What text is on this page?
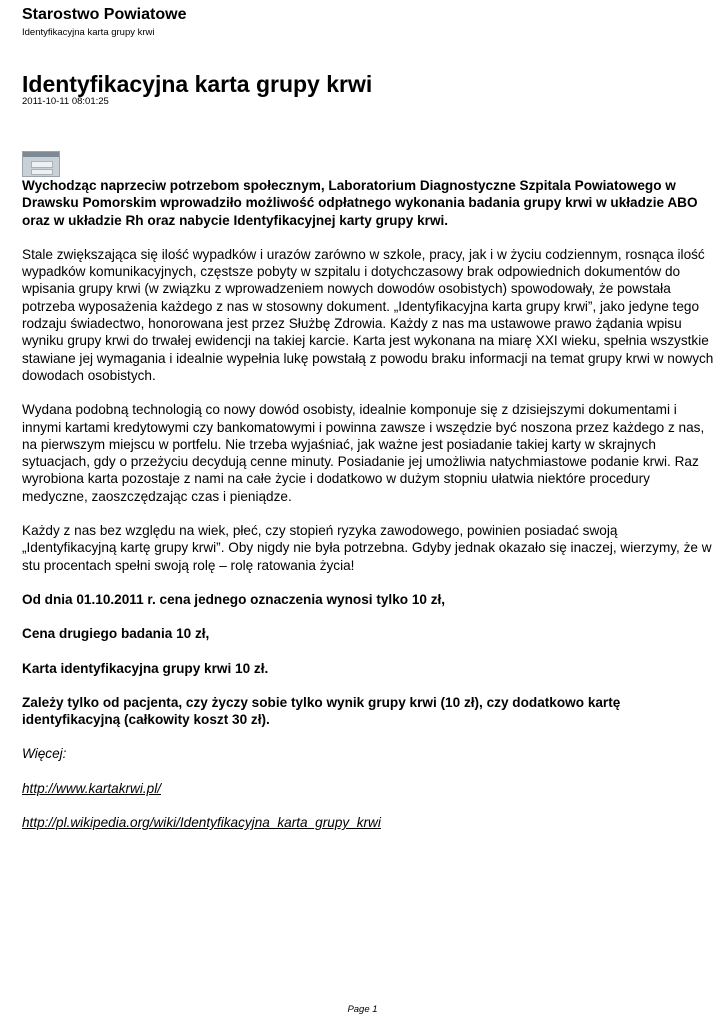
Starostwo Powiatowe
Identyfikacyjna karta grupy krwi
Identyfikacyjna karta grupy krwi
2011-10-11 08:01:25

Wychodząc naprzeciw potrzebom społecznym, Laboratorium Diagnostyczne Szpitala Powiatowego w Drawsku Pomorskim wprowadziło możliwość odpłatnego wykonania badania grupy krwi w układzie ABO oraz w układzie Rh oraz nabycie Identyfikacyjnej karty grupy krwi.

Stale zwiększająca się ilość wypadków i urazów zarówno w szkole, pracy, jak i w życiu codziennym, rosnąca ilość wypadków komunikacyjnych, częstsze pobyty w szpitalu i dotychczasowy brak odpowiednich dokumentów do wpisania grupy krwi (w związku z wprowadzeniem nowych dowodów osobistych) spowodowały, że powstała potrzeba wyposażenia każdego z nas w stosowny dokument. „Identyfikacyjna karta grupy krwi”, jako jedyne tego rodzaju świadectwo, honorowana jest przez Służbę Zdrowia. Każdy z nas ma ustawowe prawo żądania wpisu wyniku grupy krwi do trwałej ewidencji na takiej karcie. Karta jest wykonana na miarę XXI wieku, spełnia wszystkie stawiane jej wymagania i idealnie wypełnia lukę powstałą z powodu braku informacji na temat grupy krwi w nowych dowodach osobistych.

Wydana podobną technologią co nowy dowód osobisty, idealnie komponuje się z dzisiejszymi dokumentami i innymi kartami kredytowymi czy bankomatowymi i powinna zawsze i wszędzie być noszona przez każdego z nas, na pierwszym miejscu w portfelu. Nie trzeba wyjaśniać, jak ważne jest posiadanie takiej karty w skrajnych sytuacjach, gdy o przeżyciu decydują cenne minuty. Posiadanie jej umożliwia natychmiastowe podanie krwi. Raz wyrobiona karta pozostaje z nami na całe życie i dodatkowo w dużym stopniu ułatwia niektóre procedury medyczne, zaoszczędzając czas i pieniądze.

Każdy z nas bez względu na wiek, płeć, czy stopień ryzyka zawodowego, powinien posiadać swoją „Identyfikacyjną kartę grupy krwi”. Oby nigdy nie była potrzebna. Gdyby jednak okazało się inaczej, wierzymy, że w stu procentach spełni swoją rolę – rolę ratowania życia!

Od dnia 01.10.2011 r. cena jednego oznaczenia wynosi tylko 10 zł,

Cena drugiego badania 10 zł,

Karta identyfikacyjna grupy krwi 10 zł.

Zależy tylko od pacjenta, czy życzy sobie tylko wynik grupy krwi (10 zł), czy dodatkowo kartę identyfikacyjną (całkowity koszt 30 zł).

Więcej:

http://www.kartakrwi.pl/

http://pl.wikipedia.org/wiki/Identyfikacyjna_karta_grupy_krwi

Page 1
